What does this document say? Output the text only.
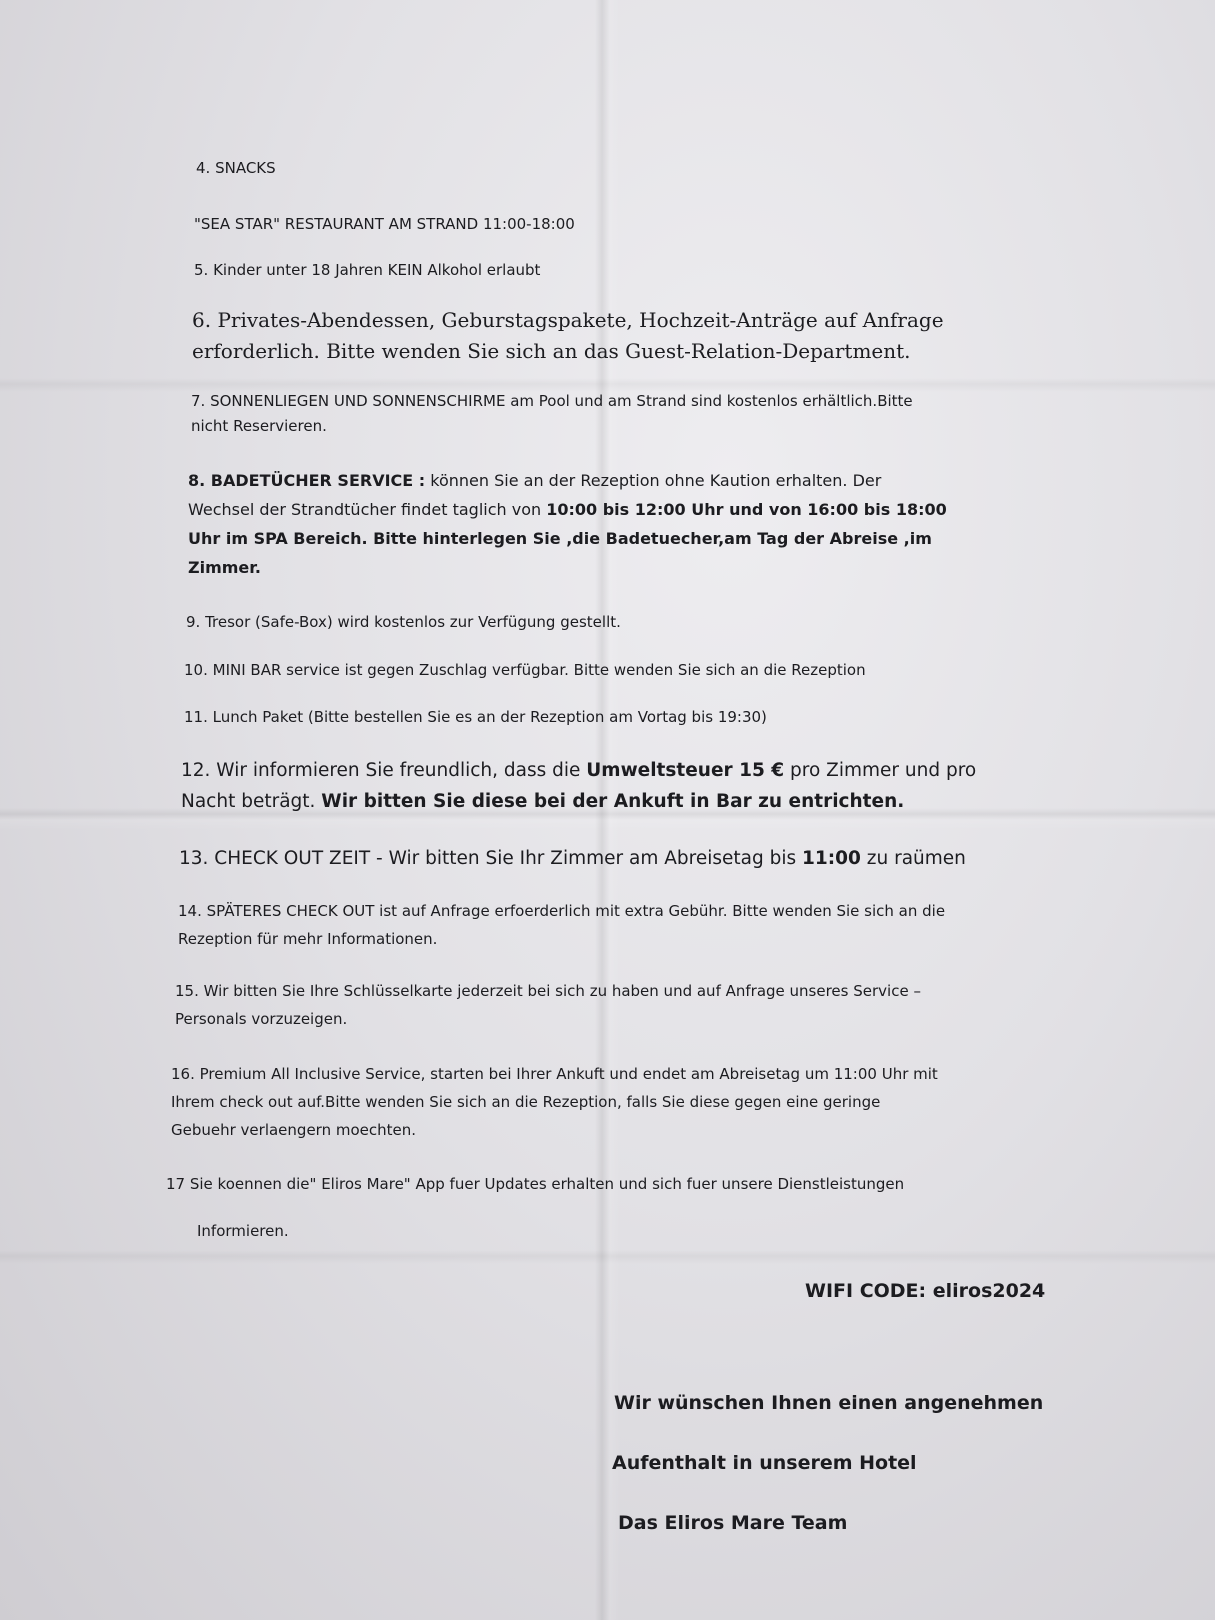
4. SNACKS

"SEA STAR" RESTAURANT AM STRAND 11:00-18:00

5. Kinder unter 18 Jahren KEIN Alkohol erlaubt

6. Privates-Abendessen, Geburstagspakete, Hochzeit-Anträge auf Anfrage
erforderlich. Bitte wenden Sie sich an das Guest-Relation-Department.
7. SONNENLIEGEN UND SONNENSCHIRME am Pool und am Strand sind kostenlos erhältlich.Bitte
nicht Reservieren.
8. BADETÜCHER SERVICE : können Sie an der Rezeption ohne Kaution erhalten. Der
Wechsel der Strandtücher findet taglich von 10:00 bis 12:00 Uhr und von 16:00 bis 18:00
Uhr im SPA Bereich. Bitte hinterlegen Sie ,die Badetuecher,am Tag der Abreise ,im
Zimmer.

9. Tresor (Safe-Box) wird kostenlos zur Verfügung gestellt.

10. MINI BAR service ist gegen Zuschlag verfügbar. Bitte wenden Sie sich an die Rezeption

11. Lunch Paket (Bitte bestellen Sie es an der Rezeption am Vortag bis 19:30)

12. Wir informieren Sie freundlich, dass die Umweltsteuer 15 € pro Zimmer und pro
Nacht beträgt. Wir bitten Sie diese bei der Ankuft in Bar zu entrichten.

13. CHECK OUT ZEIT - Wir bitten Sie Ihr Zimmer am Abreisetag bis 11:00 zu raümen

14. SPÄTERES CHECK OUT ist auf Anfrage erfoerderlich mit extra Gebühr. Bitte wenden Sie sich an die
Rezeption für mehr Informationen.
15. Wir bitten Sie Ihre Schlüsselkarte jederzeit bei sich zu haben und auf Anfrage unseres Service –
Personals vorzuzeigen.
16. Premium All Inclusive Service, starten bei Ihrer Ankuft und endet am Abreisetag um 11:00 Uhr mit
Ihrem check out auf.Bitte wenden Sie sich an die Rezeption, falls Sie diese gegen eine geringe
Gebuehr verlaengern moechten.
17 Sie koennen die" Eliros Mare" App fuer Updates erhalten und sich fuer unsere Dienstleistungen
Informieren.
WIFI CODE: eliros2024
Wir wünschen Ihnen einen angenehmen
Aufenthalt in unserem Hotel
Das Eliros Mare Team
